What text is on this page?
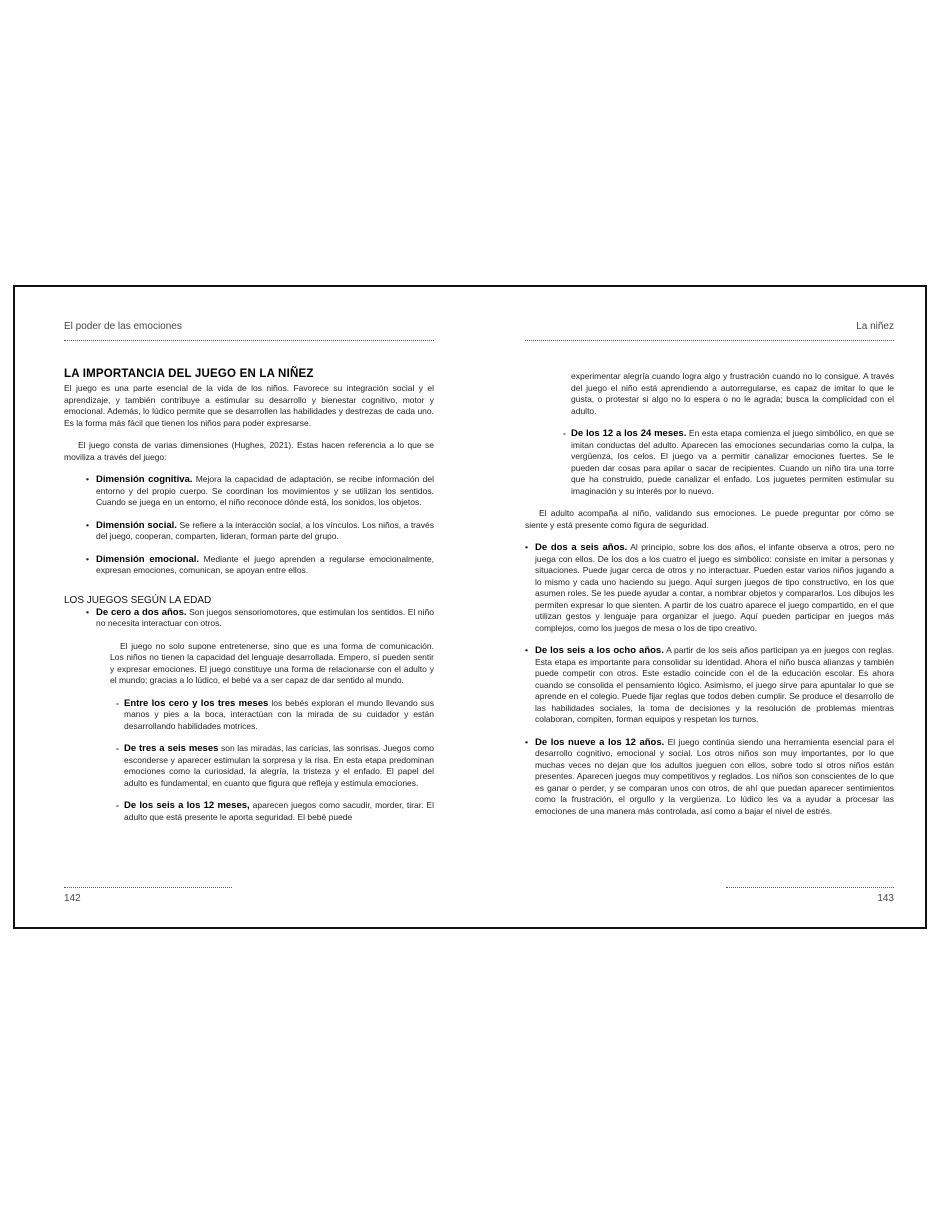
El poder de las emociones
LA IMPORTANCIA DEL JUEGO EN LA NIÑEZ

El juego es una parte esencial de la vida de los niños. Favorece su integración social y el aprendizaje, y también contribuye a estimular su desarrollo y bienestar cognitivo, motor y emocional. Además, lo lúdico permite que se desarrollen las habilidades y destrezas de cada uno. Es la forma más fácil que tienen los niños para poder expresarse.

El juego consta de varias dimensiones (Hughes, 2021). Estas hacen referencia a lo que se moviliza a través del juego:

• Dimensión cognitiva. Mejora la capacidad de adaptación, se recibe información del entorno y del propio cuerpo. Se coordinan los movimientos y se utilizan los sentidos. Cuando se juega en un entorno, el niño reconoce dónde está, los sonidos, los objetos.
• Dimensión social. Se refiere a la interacción social, a los vínculos. Los niños, a través del juego, cooperan, comparten, lideran, forman parte del grupo.
• Dimensión emocional. Mediante el juego aprenden a regularse emocionalmente, expresan emociones, comunican, se apoyan entre ellos.
LOS JUEGOS SEGÚN LA EDAD
• De cero a dos años. Son juegos sensoriomotores, que estimulan los sentidos. El niño no necesita interactuar con otros.

El juego no solo supone entretenerse, sino que es una forma de comunicación. Los niños no tienen la capacidad del lenguaje desarrollada. Empero, sí pueden sentir y expresar emociones. El juego constituye una forma de relacionarse con el adulto y el mundo; gracias a lo lúdico, el bebé va a ser capaz de dar sentido al mundo.

- Entre los cero y los tres meses los bebés exploran el mundo llevando sus manos y pies a la boca, interactúan con la mirada de su cuidador y están desarrollando habilidades motrices.
- De tres a seis meses son las miradas, las caricias, las sonrisas. Juegos como esconderse y aparecer estimulan la sorpresa y la risa. En esta etapa predominan emociones como la curiosidad, la alegría, la tristeza y el enfado. El papel del adulto es fundamental, en cuanto que figura que refleja y estimula emociones.
- De los seis a los 12 meses, aparecen juegos como sacudir, morder, tirar. El adulto que está presente le aporta seguridad. El bebé puede
142
La niñez

experimentar alegría cuando logra algo y frustración cuando no lo consigue. A través del juego el niño está aprendiendo a autorregularse, es capaz de imitar lo que le gusta, o protestar si algo no lo espera o no le agrada; busca la complicidad con el adulto.

- De los 12 a los 24 meses. En esta etapa comienza el juego simbólico, en que se imitan conductas del adulto. Aparecen las emociones secundarias como la culpa, la vergüenza, los celos. El juego va a permitir canalizar emociones fuertes. Se le pueden dar cosas para apilar o sacar de recipientes. Cuando un niño tira una torre que ha construido, puede canalizar el enfado. Los juguetes permiten estimular su imaginación y su interés por lo nuevo.

El adulto acompaña al niño, validando sus emociones. Le puede preguntar por cómo se siente y está presente como figura de seguridad.

• De dos a seis años. Al principio, sobre los dos años, el infante observa a otros, pero no juega con ellos. De los dos a los cuatro el juego es simbólico: consiste en imitar a personas y situaciones. Puede jugar cerca de otros y no interactuar. Pueden estar varios niños jugando a lo mismo y cada uno haciendo su juego. Aquí surgen juegos de tipo constructivo, en los que asumen roles. Se les puede ayudar a contar, a nombrar objetos y compararlos. Los dibujos les permiten expresar lo que sienten. A partir de los cuatro aparece el juego compartido, en el que utilizan gestos y lenguaje para organizar el juego. Aquí pueden participar en juegos más complejos, como los juegos de mesa o los de tipo creativo.
• De los seis a los ocho años. A partir de los seis años participan ya en juegos con reglas. Esta etapa es importante para consolidar su identidad. Ahora el niño busca alianzas y también puede competir con otros. Este estadio coincide con el de la educación escolar. Es ahora cuando se consolida el pensamiento lógico. Asimismo, el juego sirve para apuntalar lo que se aprende en el colegio. Puede fijar reglas que todos deben cumplir. Se produce el desarrollo de las habilidades sociales, la toma de decisiones y la resolución de problemas mientras colaboran, compiten, forman equipos y respetan los turnos.
• De los nueve a los 12 años. El juego continúa siendo una herramienta esencial para el desarrollo cognitivo, emocional y social. Los otros niños son muy importantes, por lo que muchas veces no dejan que los adultos jueguen con ellos, sobre todo si otros niños están presentes. Aparecen juegos muy competitivos y reglados. Los niños son conscientes de lo que es ganar o perder, y se comparan unos con otros, de ahí que puedan aparecer sentimientos como la frustración, el orgullo y la vergüenza. Lo lúdico les va a ayudar a procesar las emociones de una manera más controlada, así como a bajar el nivel de estrés.
143
